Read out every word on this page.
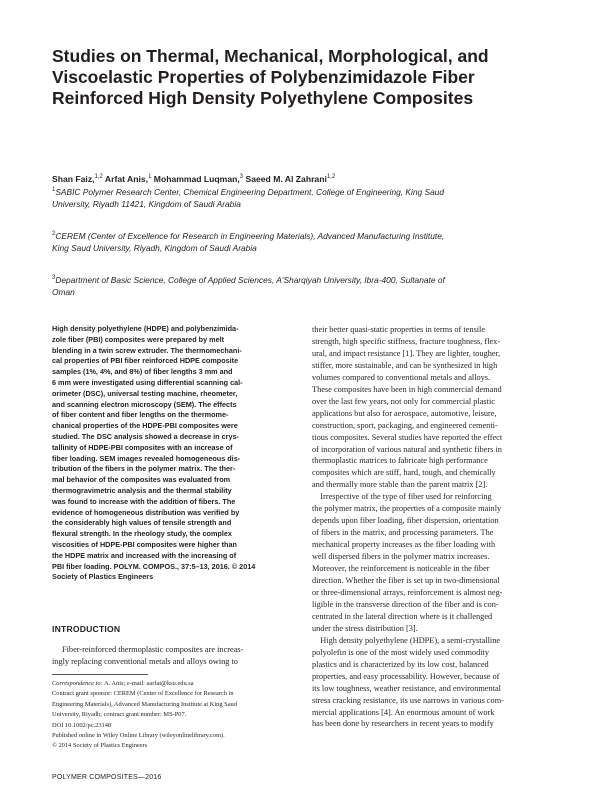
Studies on Thermal, Mechanical, Morphological, and
Viscoelastic Properties of Polybenzimidazole Fiber
Reinforced High Density Polyethylene Composites
Shan Faiz,$^{1,2}$ Arfat Anis,$^1$ Mohammad Luqman,$^3$ Saeed M. Al Zahrani$^{1,2}$
$^1$SABIC Polymer Research Center, Chemical Engineering Department, College of Engineering, King Saud
University, Riyadh 11421, Kingdom of Saudi Arabia
$^2$CEREM (Center of Excellence for Research in Engineering Materials), Advanced Manufacturing Institute,
King Saud University, Riyadh, Kingdom of Saudi Arabia
$^3$Department of Basic Science, College of Applied Sciences, A’Sharqiyah University, Ibra-400, Sultanate of
Oman
High density polyethylene (HDPE) and polybenzimida-
zole fiber (PBI) composites were prepared by melt
blending in a twin screw extruder. The thermomechani-
cal properties of PBI fiber reinforced HDPE composite
samples (1%, 4%, and 8%) of fiber lengths 3 mm and
6 mm were investigated using differential scanning cal-
orimeter (DSC), universal testing machine, rheometer,
and scanning electron microscopy (SEM). The effects
of fiber content and fiber lengths on the thermome-
chanical properties of the HDPE-PBI composites were
studied. The DSC analysis showed a decrease in crys-
tallinity of HDPE-PBI composites with an increase of
fiber loading. SEM images revealed homogeneous dis-
tribution of the fibers in the polymer matrix. The ther-
mal behavior of the composites was evaluated from
thermogravimetric analysis and the thermal stability
was found to increase with the addition of fibers. The
evidence of homogeneous distribution was verified by
the considerably high values of tensile strength and
flexural strength. In the rheology study, the complex
viscosities of HDPE-PBI composites were higher than
the HDPE matrix and increased with the increasing of
PBI fiber loading. POLYM. COMPOS., 37:5–13, 2016. © 2014
Society of Plastics Engineers
INTRODUCTION
Fiber-reinforced thermoplastic composites are increas-
ingly replacing conventional metals and alloys owing to
Correspondence to: A. Anis; e-mail: aarfat@ksu.edu.sa
Contract grant sponsor: CEREM (Center of Excellence for Research in
Engineering Materials), Advanced Manufacturing Institute at King Saud
University, Riyadh; contract grant number: MS-P07.
DOI 10.1002/pc.23148
Published online in Wiley Online Library (wileyonlinelibrary.com).
© 2014 Society of Plastics Engineers
their better quasi-static properties in terms of tensile
strength, high specific stiffness, fracture toughness, flex-
ural, and impact resistance [1]. They are lighter, tougher,
stiffer, more sustainable, and can be synthesized in high
volumes compared to conventional metals and alloys.
These composites have been in high commercial demand
over the last few years, not only for commercial plastic
applications but also for aerospace, automotive, leisure,
construction, sport, packaging, and engineered cementi-
tious composites. Several studies have reported the effect
of incorporation of various natural and synthetic fibers in
thermoplastic matrices to fabricate high performance
composites which are stiff, hard, tough, and chemically
and thermally more stable than the parent matrix [2].
Irrespective of the type of fiber used for reinforcing
the polymer matrix, the properties of a composite mainly
depends upon fiber loading, fiber dispersion, orientation
of fibers in the matrix, and processing parameters. The
mechanical property increases as the fiber loading with
well dispersed fibers in the polymer matrix increases.
Moreover, the reinforcement is noticeable in the fiber
direction. Whether the fiber is set up in two-dimensional
or three-dimensional arrays, reinforcement is almost neg-
ligible in the transverse direction of the fiber and is con-
centrated in the lateral direction where is it challenged
under the stress distribution [3].
High density polyethylene (HDPE), a semi-crystalline
polyolefin is one of the most widely used commodity
plastics and is characterized by its low cost, balanced
properties, and easy processability. However, because of
its low toughness, weather resistance, and environmental
stress cracking resistance, its use narrows in various com-
mercial applications [4]. An enormous amount of work
has been done by researchers in recent years to modify
POLYMER COMPOSITES—2016
